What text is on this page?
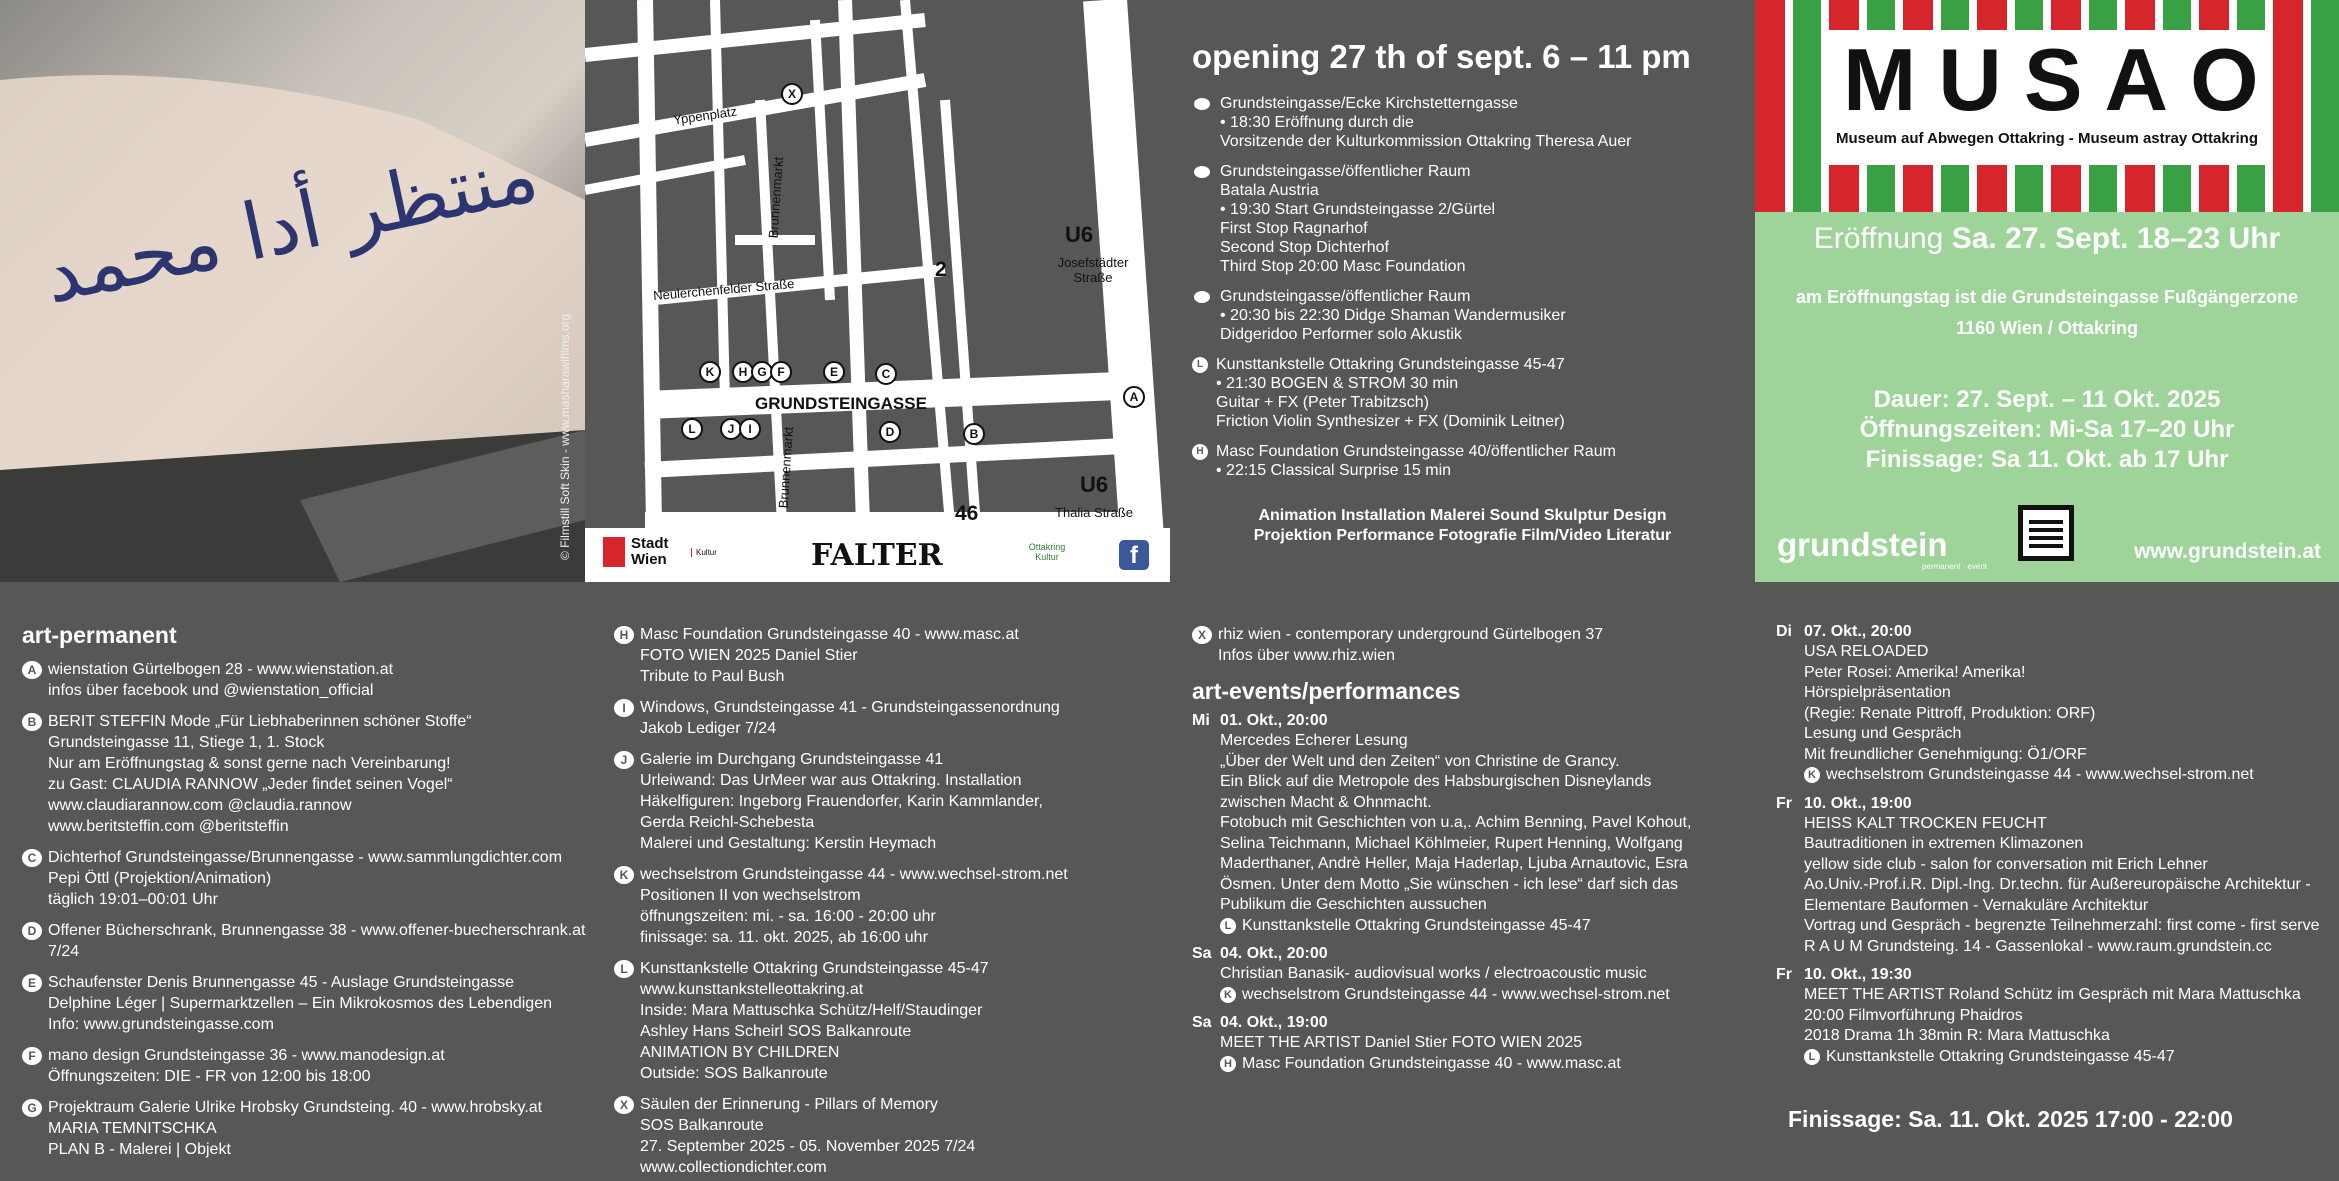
منتظر أدا محمد
© Filmstill Soft Skin - www.masharawifilms.org
Yppenplatz
Brunnenmarkt
Neulerchenfelder Straße
GRUNDSTEINGASSE
Brunnenmarkt
Josefstädter Straße
Thalia Straße
U6
U6
2
46
X
K	H G F	E	C
A
L	J	I	D	B
Stadt Wien	Kultur	FALTER	Ottakring Kultur	f
opening 27 th of sept. 6 – 11 pm
Grundsteingasse/Ecke Kirchstetterngasse
• 18:30 Eröffnung durch die
Vorsitzende der Kulturkommission Ottakring Theresa Auer
Grundsteingasse/öffentlicher Raum
Batala Austria
• 19:30 Start Grundsteingasse 2/Gürtel
First Stop Ragnarhof
Second Stop Dichterhof
Third Stop 20:00 Masc Foundation
Grundsteingasse/öffentlicher Raum
• 20:30 bis 22:30 Didge Shaman Wandermusiker
Didgeridoo Performer solo Akustik
L Kunsttankstelle Ottakring Grundsteingasse 45-47
• 21:30 BOGEN & STROM 30 min
Guitar + FX (Peter Trabitzsch)
Friction Violin Synthesizer + FX (Dominik Leitner)
H Masc Foundation Grundsteingasse 40/öffentlicher Raum
• 22:15 Classical Surprise 15 min
Animation Installation Malerei Sound Skulptur Design
Projektion Performance Fotografie Film/Video Literatur
MUSAO
Museum auf Abwegen Ottakring - Museum astray Ottakring
Eröffnung Sa. 27. Sept. 18–23 Uhr
am Eröffnungstag ist die Grundsteingasse Fußgängerzone
1160 Wien / Ottakring
Dauer: 27. Sept. – 11 Okt. 2025
Öffnungszeiten: Mi-Sa 17–20 Uhr
Finissage: Sa 11. Okt. ab 17 Uhr
grundstein
permanent · event
www.grundstein.at
art-permanent
A wienstation Gürtelbogen 28 - www.wienstation.at
infos über facebook und @wienstation_official
B BERIT STEFFIN Mode „Für Liebhaberinnen schöner Stoffe“
Grundsteingasse 11, Stiege 1, 1. Stock
Nur am Eröffnungstag & sonst gerne nach Vereinbarung!
zu Gast: CLAUDIA RANNOW „Jeder findet seinen Vogel“
www.claudiarannow.com @claudia.rannow
www.beritsteffin.com @beritsteffin
C Dichterhof Grundsteingasse/Brunnengasse - www.sammlungdichter.com
Pepi Öttl (Projektion/Animation)
täglich 19:01–00:01 Uhr
D Offener Bücherschrank, Brunnengasse 38 - www.offener-buecherschrank.at
7/24
E Schaufenster Denis Brunnengasse 45 - Auslage Grundsteingasse
Delphine Léger | Supermarktzellen – Ein Mikrokosmos des Lebendigen
Info: www.grundsteingasse.com
F mano design Grundsteingasse 36 - www.manodesign.at
Öffnungszeiten: DIE - FR von 12:00 bis 18:00
G Projektraum Galerie Ulrike Hrobsky Grundsteing. 40 - www.hrobsky.at
MARIA TEMNITSCHKA
PLAN B - Malerei | Objekt
H Masc Foundation Grundsteingasse 40 - www.masc.at
FOTO WIEN 2025 Daniel Stier
Tribute to Paul Bush
I Windows, Grundsteingasse 41 - Grundsteingassenordnung
Jakob Lediger 7/24
J Galerie im Durchgang Grundsteingasse 41
Urleiwand: Das UrMeer war aus Ottakring. Installation
Häkelfiguren: Ingeborg Frauendorfer, Karin Kammlander,
Gerda Reichl-Schebesta
Malerei und Gestaltung: Kerstin Heymach
K wechselstrom Grundsteingasse 44 - www.wechsel-strom.net
Positionen II von wechselstrom
öffnungszeiten: mi. - sa. 16:00 - 20:00 uhr
finissage: sa. 11. okt. 2025, ab 16:00 uhr
L Kunsttankstelle Ottakring Grundsteingasse 45-47
www.kunsttankstelleottakring.at
Inside: Mara Mattuschka Schütz/Helf/Staudinger
Ashley Hans Scheirl SOS Balkanroute
ANIMATION BY CHILDREN
Outside: SOS Balkanroute
X Säulen der Erinnerung - Pillars of Memory
SOS Balkanroute
27. September 2025 - 05. November 2025 7/24
www.collectiondichter.com
X rhiz wien - contemporary underground Gürtelbogen 37
Infos über www.rhiz.wien
art-events/performances
Mi 01. Okt., 20:00
Mercedes Echerer Lesung
„Über der Welt und den Zeiten“ von Christine de Grancy.
Ein Blick auf die Metropole des Habsburgischen Disneylands
zwischen Macht & Ohnmacht.
Fotobuch mit Geschichten von u.a,. Achim Benning, Pavel Kohout,
Selina Teichmann, Michael Köhlmeier, Rupert Henning, Wolfgang
Maderthaner, Andrè Heller, Maja Haderlap, Ljuba Arnautovic, Esra
Ösmen. Unter dem Motto „Sie wünschen - ich lese“ darf sich das
Publikum die Geschichten aussuchen
L Kunsttankstelle Ottakring Grundsteingasse 45-47
Sa 04. Okt., 20:00
Christian Banasik- audiovisual works / electroacoustic music
K wechselstrom Grundsteingasse 44 - www.wechsel-strom.net
Sa 04. Okt., 19:00
MEET THE ARTIST Daniel Stier FOTO WIEN 2025
H Masc Foundation Grundsteingasse 40 - www.masc.at
Di 07. Okt., 20:00
USA RELOADED
Peter Rosei: Amerika! Amerika!
Hörspielpräsentation
(Regie: Renate Pittroff, Produktion: ORF)
Lesung und Gespräch
Mit freundlicher Genehmigung: Ö1/ORF
K wechselstrom Grundsteingasse 44 - www.wechsel-strom.net
Fr 10. Okt., 19:00
HEISS KALT TROCKEN FEUCHT
Bautraditionen in extremen Klimazonen
yellow side club - salon for conversation mit Erich Lehner
Ao.Univ.-Prof.i.R. Dipl.-Ing. Dr.techn. für Außereuropäische Architektur -
Elementare Bauformen - Vernakuläre Architektur
Vortrag und Gespräch - begrenzte Teilnehmerzahl: first come - first serve
R A U M Grundsteing. 14 - Gassenlokal - www.raum.grundstein.cc
Fr 10. Okt., 19:30
MEET THE ARTIST Roland Schütz im Gespräch mit Mara Mattuschka
20:00 Filmvorführung Phaidros
2018 Drama 1h 38min R: Mara Mattuschka
L Kunsttankstelle Ottakring Grundsteingasse 45-47
Finissage: Sa. 11. Okt. 2025 17:00 - 22:00
